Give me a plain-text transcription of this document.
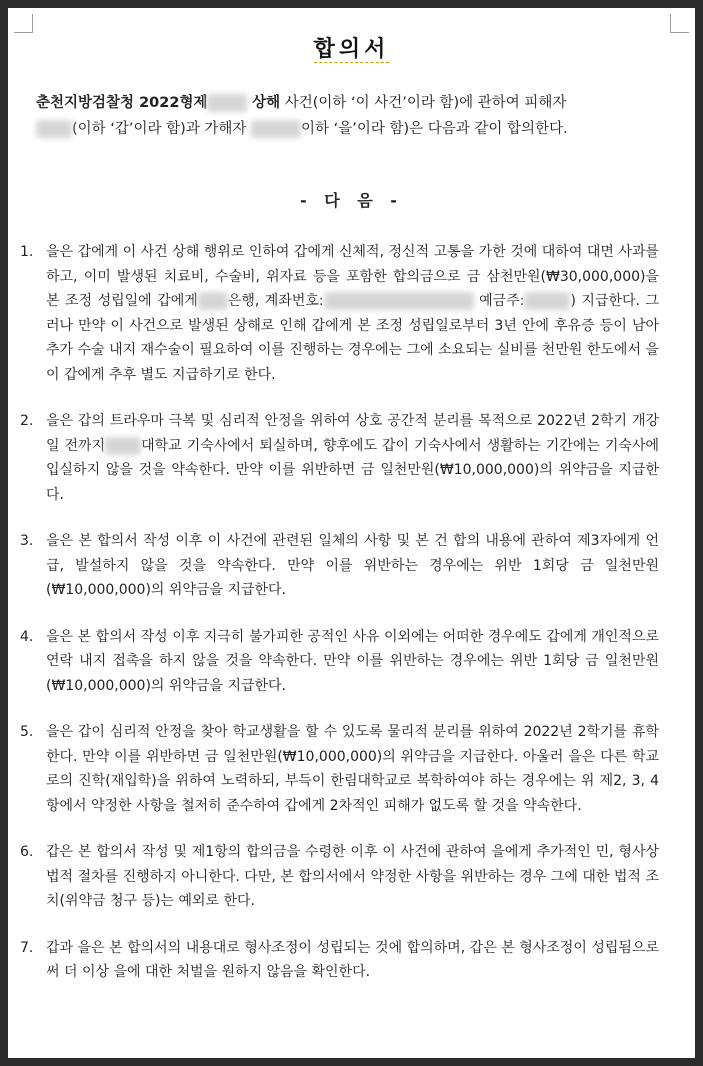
합의서
춘천지방검찰청 2022형제	상해 사건(이하 ‘이 사건’이라 함)에 관하여 피해자
(이하 ‘갑’이라 함)과 가해자	이하 ‘을’이라 함)은 다음과 같이 합의한다.
- 다 음 -
1. 을은 갑에게 이 사건 상해 행위로 인하여 갑에게 신체적, 정신적 고통을 가한 것에 대하여 대면 사과를 하고, 이미 발생된 치료비, 수술비, 위자료 등을 포함한 합의금으로 금 삼천만원(₩30,000,000)을 본 조정 성립일에 갑에게 은행, 계좌번호:	예금주:	) 지급한다. 그러나 만약 이 사건으로 발생된 상해로 인해 갑에게 본 조정 성립일로부터 3년 안에 후유증 등이 남아 추가 수술 내지 재수술이 필요하여 이를 진행하는 경우에는 그에 소요되는 실비를 천만원 한도에서 을이 갑에게 추후 별도 지급하기로 한다.
2. 을은 갑의 트라우마 극복 및 심리적 안정을 위하여 상호 공간적 분리를 목적으로 2022년 2학기 개강일 전까지	대학교 기숙사에서 퇴실하며, 향후에도 갑이 기숙사에서 생활하는 기간에는 기숙사에 입실하지 않을 것을 약속한다. 만약 이를 위반하면 금 일천만원(₩10,000,000)의 위약금을 지급한다.
3. 을은 본 합의서 작성 이후 이 사건에 관련된 일체의 사항 및 본 건 합의 내용에 관하여 제3자에게 언급, 발설하지 않을 것을 약속한다. 만약 이를 위반하는 경우에는 위반 1회당 금 일천만원(₩10,000,000)의 위약금을 지급한다.
4. 을은 본 합의서 작성 이후 지극히 불가피한 공적인 사유 이외에는 어떠한 경우에도 갑에게 개인적으로 연락 내지 접촉을 하지 않을 것을 약속한다. 만약 이를 위반하는 경우에는 위반 1회당 금 일천만원(₩10,000,000)의 위약금을 지급한다.
5. 을은 갑이 심리적 안정을 찾아 학교생활을 할 수 있도록 물리적 분리를 위하여 2022년 2학기를 휴학한다. 만약 이를 위반하면 금 일천만원(₩10,000,000)의 위약금을 지급한다. 아울러 을은 다른 학교로의 진학(재입학)을 위하여 노력하되, 부득이 한림대학교로 복학하여야 하는 경우에는 위 제2, 3, 4항에서 약정한 사항을 철저히 준수하여 갑에게 2차적인 피해가 없도록 할 것을 약속한다.
6. 갑은 본 합의서 작성 및 제1항의 합의금을 수령한 이후 이 사건에 관하여 을에게 추가적인 민, 형사상 법적 절차를 진행하지 아니한다. 다만, 본 합의서에서 약정한 사항을 위반하는 경우 그에 대한 법적 조치(위약금 청구 등)는 예외로 한다.
7. 갑과 을은 본 합의서의 내용대로 형사조정이 성립되는 것에 합의하며, 갑은 본 형사조정이 성립됨으로써 더 이상 을에 대한 처벌을 원하지 않음을 확인한다.
